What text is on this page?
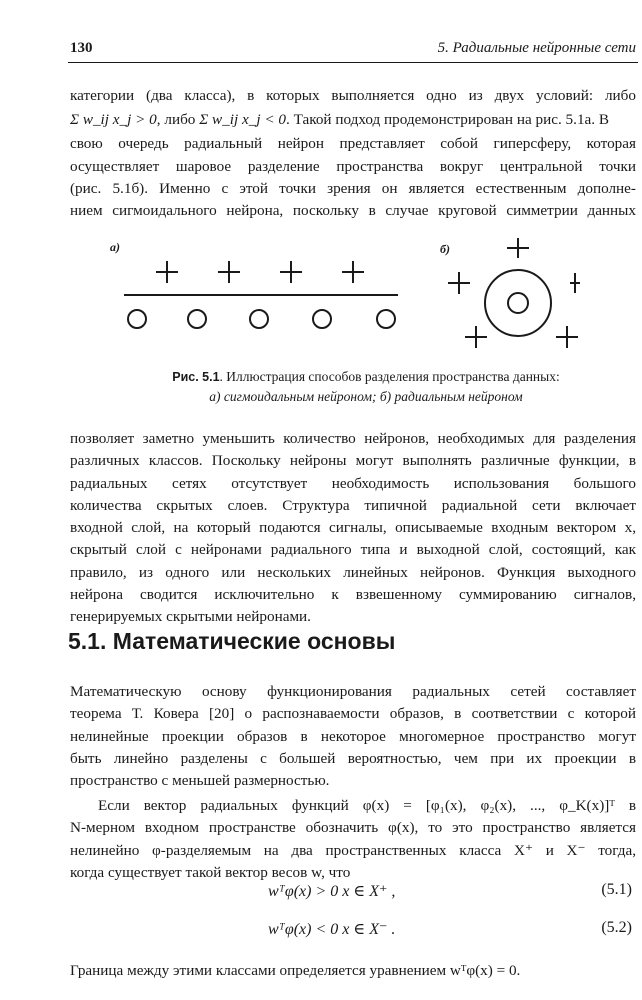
130	5. Радиальные нейронные сети
категории (два класса), в которых выполняется одно из двух условий: либо
Σ w_ij x_j > 0, либо Σ w_ij x_j < 0. Такой подход продемонстрирован на рис. 5.1а. В
свою очередь радиальный нейрон представляет собой гиперсферу, которая
осуществляет шаровое разделение пространства вокруг центральной точки
(рис. 5.1б). Именно с этой точки зрения он является естественным дополне-
нием сигмоидального нейрона, поскольку в случае круговой симметрии данных
а)	б)
Рис. 5.1. Иллюстрация способов разделения пространства данных:
а) сигмоидальным нейроном; б) радиальным нейроном
позволяет заметно уменьшить количество нейронов, необходимых для разделения
различных классов. Поскольку нейроны могут выполнять различные функции, в
радиальных сетях отсутствует необходимость использования большого
количества скрытых слоев. Структура типичной радиальной сети включает
входной слой, на который подаются сигналы, описываемые входным вектором x,
скрытый слой с нейронами радиального типа и выходной слой, состоящий, как
правило, из одного или нескольких линейных нейронов. Функция выходного
нейрона сводится исключительно к взвешенному суммированию сигналов,
генерируемых скрытыми нейронами.
5.1. Математические основы
Математическую основу функционирования радиальных сетей составляет
теорема Т. Ковера [20] о распознаваемости образов, в соответствии с которой
нелинейные проекции образов в некоторое многомерное пространство могут
быть линейно разделены с большей вероятностью, чем при их проекции в
пространство с меньшей размерностью.
Если вектор радиальных функций φ(x) = [φ₁(x), φ₂(x), ..., φ_K(x)]ᵀ в
N-мерном входном пространстве обозначить φ(x), то это пространство является
нелинейно φ-разделяемым на два пространственных класса X⁺ и X⁻ тогда,
когда существует такой вектор весов w, что
wᵀφ(x) > 0 x ∈ X⁺ ,	(5.1)
wᵀφ(x) < 0 x ∈ X⁻ .	(5.2)
Граница между этими классами определяется уравнением wᵀφ(x) = 0.
